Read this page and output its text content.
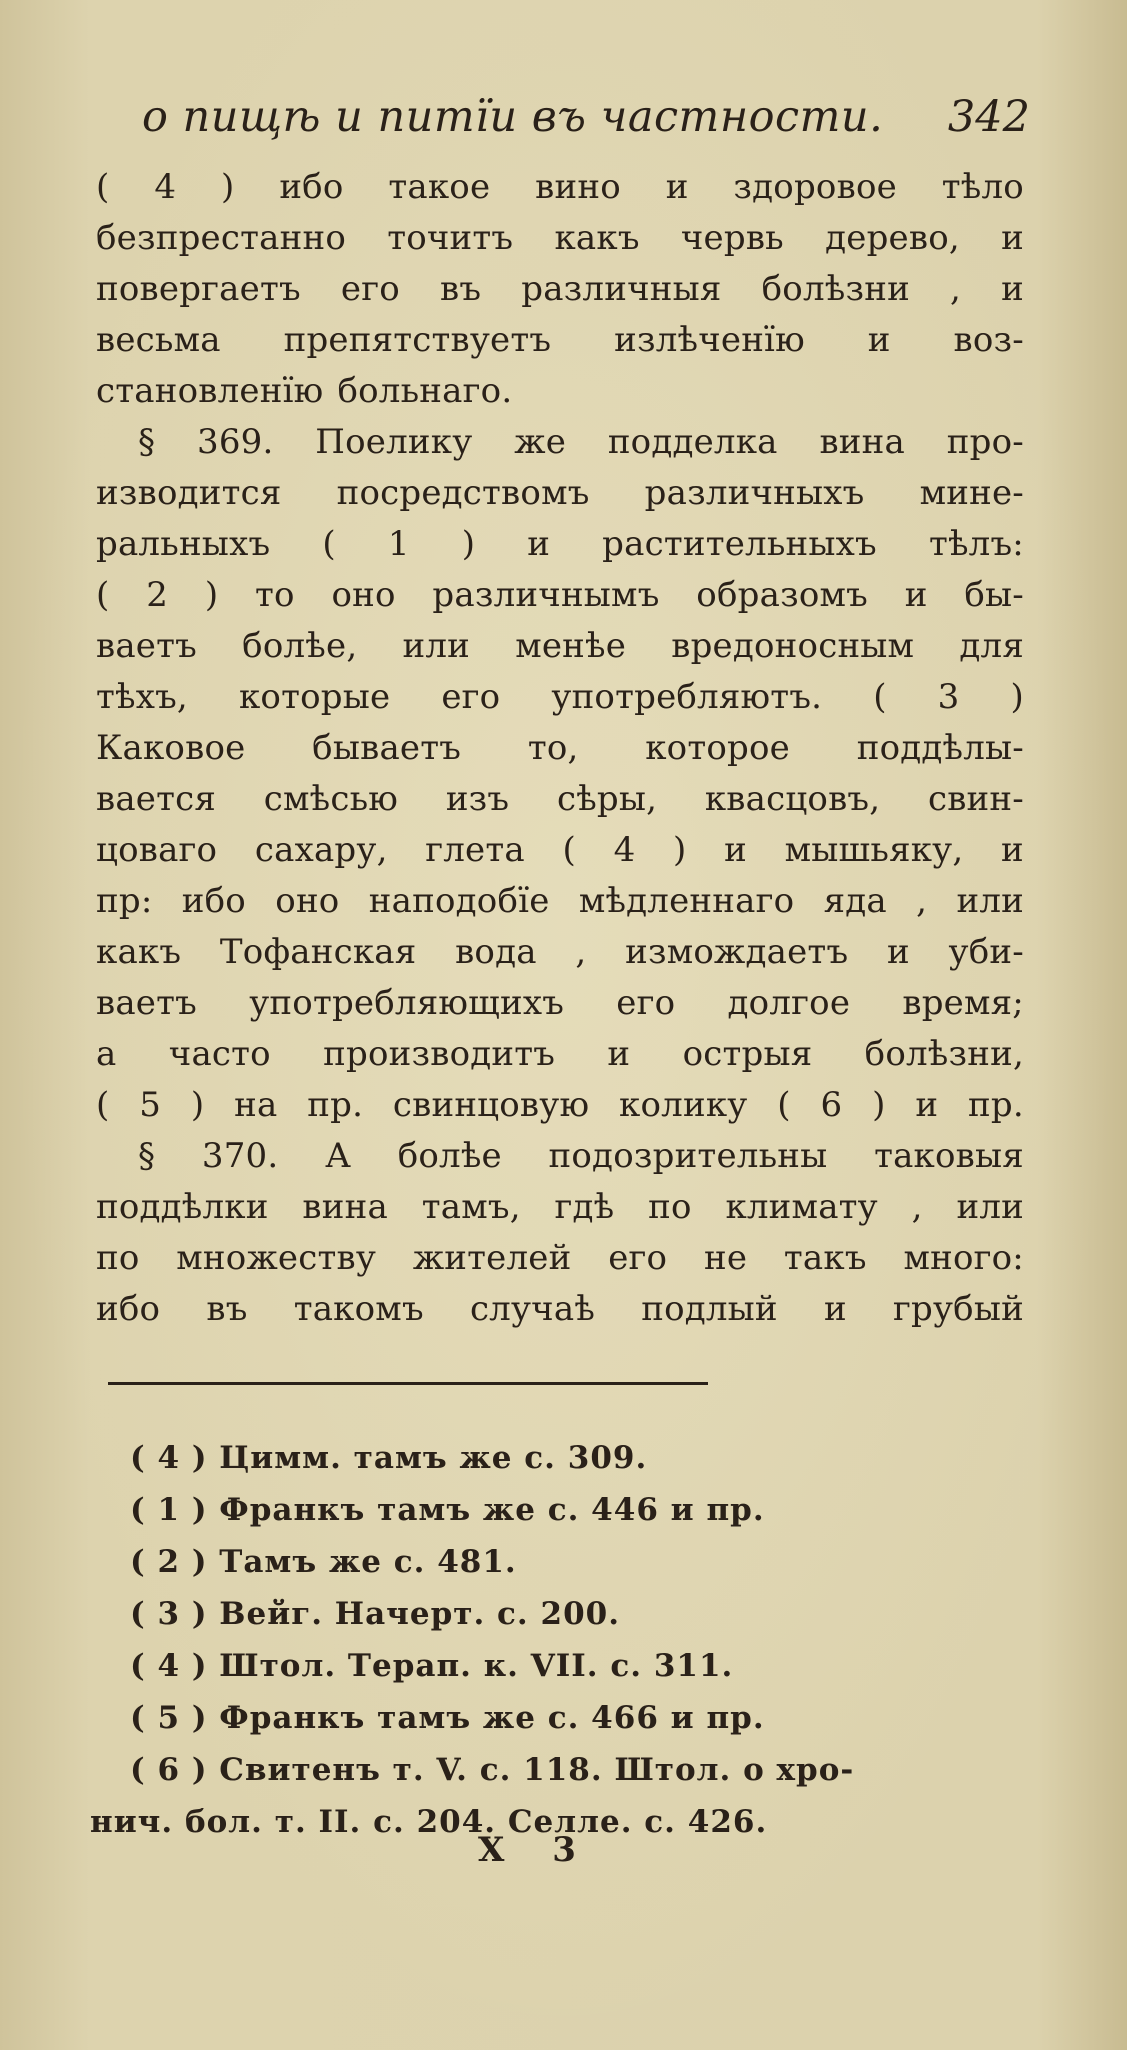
о пищѣ и питїи въ частности. 342
( 4 ) ибо такое вино и здоровое тѣло
безпрестанно точитъ какъ червь дерево, и
повергаетъ его въ различныя болѣзни , и
весьма препятствуетъ излѣченїю и воз-
становленїю больнаго.
§ 369. Поелику же подделка вина про-
изводится посредствомъ различныхъ мине-
ральныхъ ( 1 ) и растительныхъ тѣлъ:
( 2 ) то оно различнымъ образомъ и бы-
ваетъ болѣе, или менѣе вредоносным для
тѣхъ, которые его употребляютъ. ( 3 )
Каковое бываетъ то, которое поддѣлы-
вается смѣсью изъ сѣры, квасцовъ, свин-
цоваго сахару, глета ( 4 ) и мышьяку, и
пр: ибо оно наподобїе мѣдленнаго яда , или
какъ Тофанская вода , измождаетъ и уби-
ваетъ употребляющихъ его долгое время;
а часто производитъ и острыя болѣзни,
( 5 ) на пр. свинцовую колику ( 6 ) и пр.
§ 370. А болѣе подозрительны таковыя
поддѣлки вина тамъ, гдѣ по климату , или
по множеству жителей его не такъ много:
ибо въ такомъ случаѣ подлый и грубый
( 4 ) Цимм. тамъ же с. 309.
( 1 ) Франкъ тамъ же с. 446 и пр.
( 2 ) Тамъ же с. 481.
( 3 ) Вейг. Начерт. с. 200.
( 4 ) Штол. Терап. к. VII. с. 311.
( 5 ) Франкъ тамъ же с. 466 и пр.
( 6 ) Свитенъ т. V. с. 118. Штол. о хро-
нич. бол. т. II. с. 204. Селле. с. 426.
X 3
